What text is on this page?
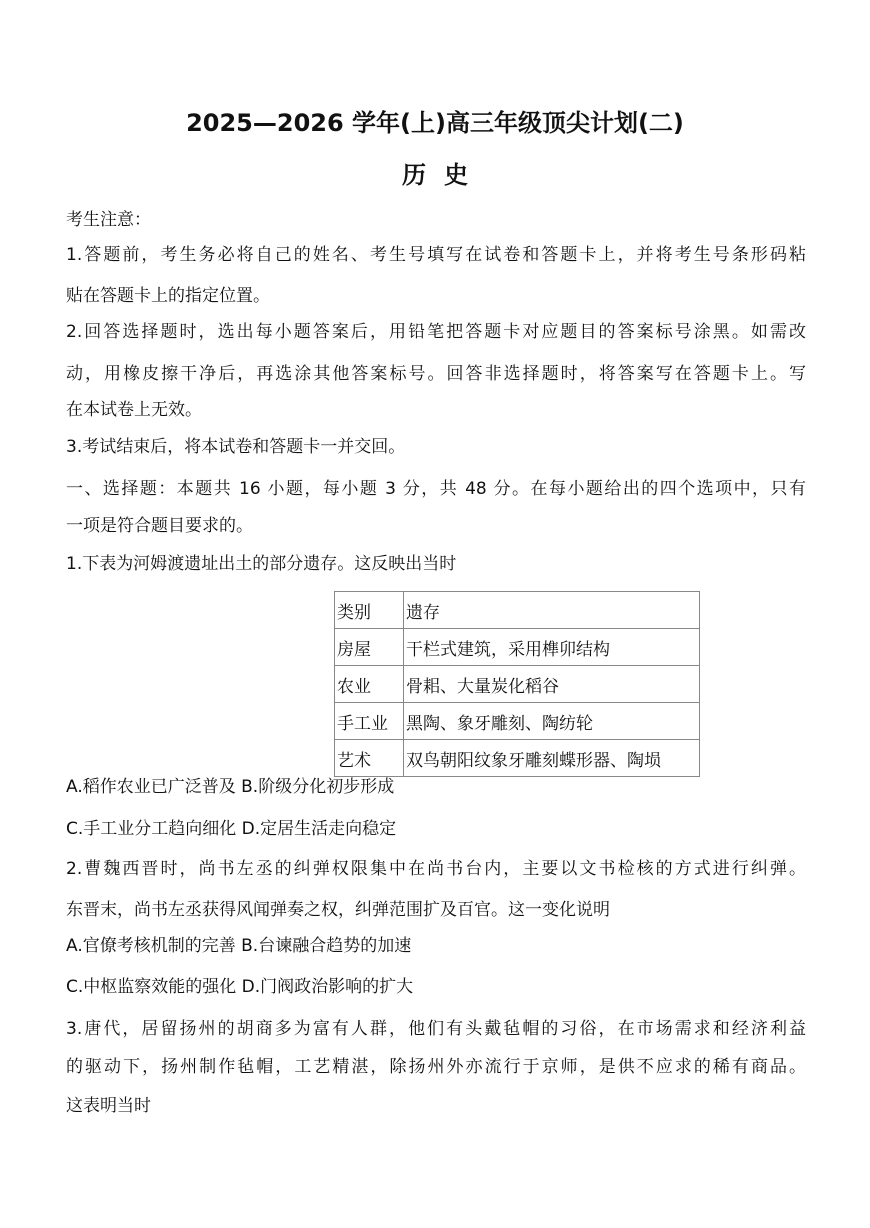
2025—2026 学年(上)高三年级顶尖计划(二)
历史
考生注意：
1.答题前，考生务必将自己的姓名、考生号填写在试卷和答题卡上，并将考生号条形码粘
贴在答题卡上的指定位置。
2.回答选择题时，选出每小题答案后，用铅笔把答题卡对应题目的答案标号涂黑。如需改
动，用橡皮擦干净后，再选涂其他答案标号。回答非选择题时，将答案写在答题卡上。写
在本试卷上无效。
3.考试结束后，将本试卷和答题卡一并交回。
一、选择题：本题共 16 小题，每小题 3 分，共 48 分。在每小题给出的四个选项中，只有
一项是符合题目要求的。
1.下表为河姆渡遗址出土的部分遗存。这反映出当时
类别	遗存
房屋	干栏式建筑，采用榫卯结构
农业	骨耜、大量炭化稻谷
手工业	黑陶、象牙雕刻、陶纺轮
艺术	双鸟朝阳纹象牙雕刻蝶形器、陶埙
A.稻作农业已广泛普及 B.阶级分化初步形成
C.手工业分工趋向细化 D.定居生活走向稳定
2.曹魏西晋时，尚书左丞的纠弹权限集中在尚书台内，主要以文书检核的方式进行纠弹。
东晋末，尚书左丞获得风闻弹奏之权，纠弹范围扩及百官。这一变化说明
A.官僚考核机制的完善 B.台谏融合趋势的加速
C.中枢监察效能的强化 D.门阀政治影响的扩大
3.唐代，居留扬州的胡商多为富有人群，他们有头戴毡帽的习俗，在市场需求和经济利益
的驱动下，扬州制作毡帽，工艺精湛，除扬州外亦流行于京师，是供不应求的稀有商品。
这表明当时
